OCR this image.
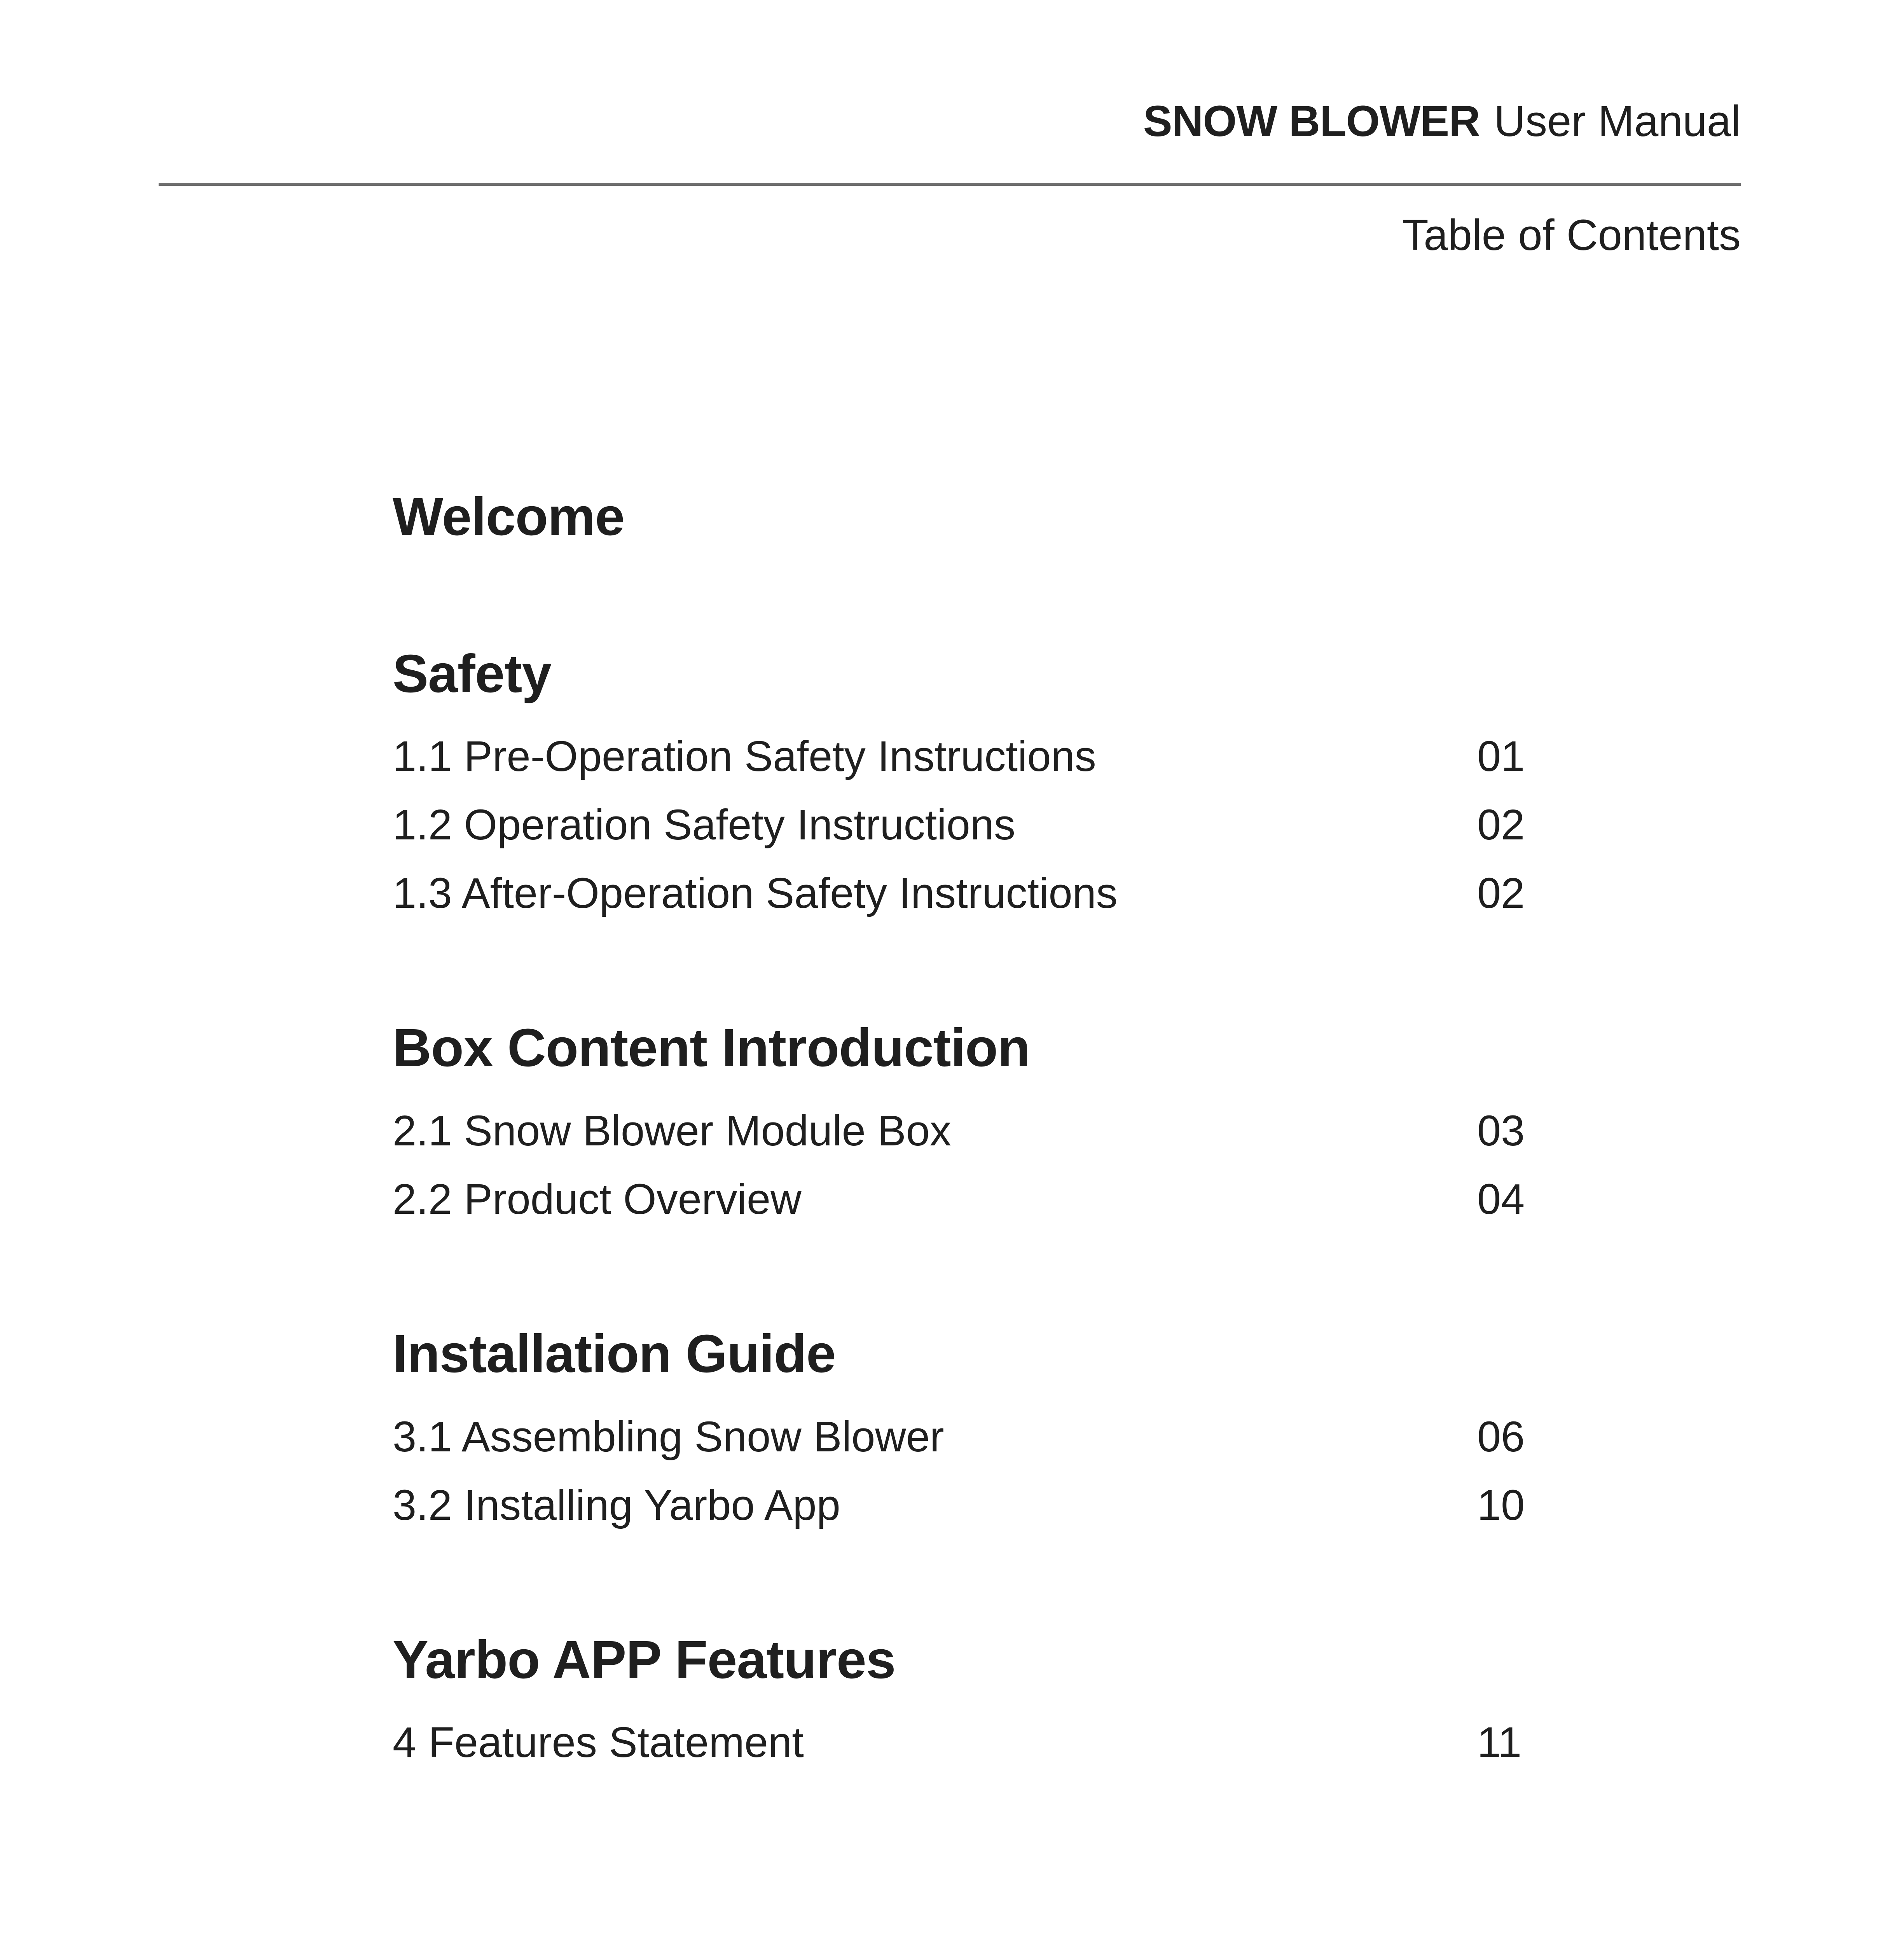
SNOW BLOWER User Manual
Table of Contents
Welcome
Safety
1.1 Pre-Operation Safety Instructions	01
1.2 Operation Safety Instructions	02
1.3 After-Operation Safety Instructions	02
Box Content Introduction
2.1 Snow Blower Module Box	03
2.2 Product Overview	04
Installation Guide
3.1 Assembling Snow Blower	06
3.2 Installing Yarbo App	10
Yarbo APP Features
4 Features Statement	11
